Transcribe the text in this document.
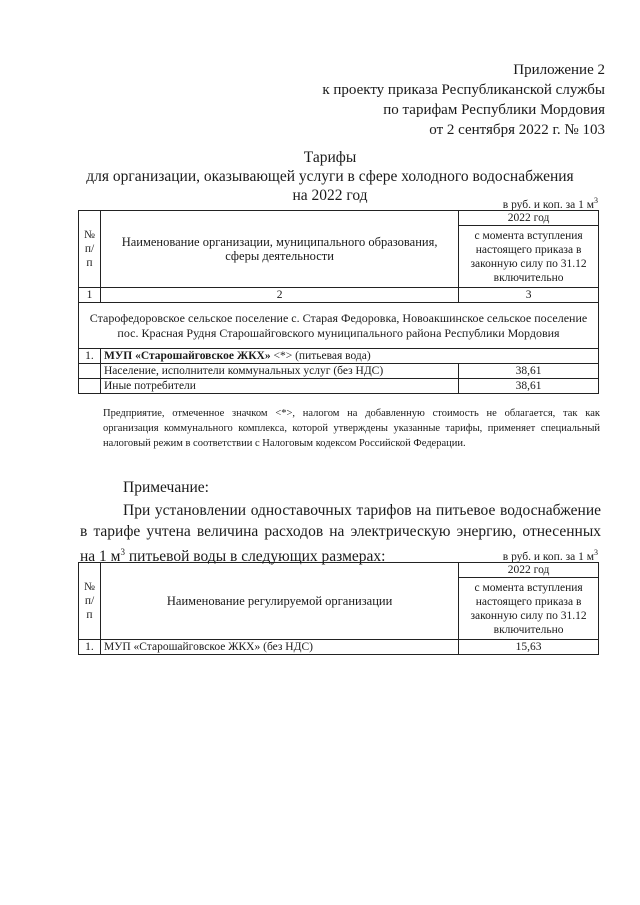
Приложение 2
к проекту приказа Республиканской службы
по тарифам Республики Мордовия
от 2 сентября 2022 г. № 103
Тарифы
для организации, оказывающей услуги в сфере холодного водоснабжения
на 2022 год
в руб. и коп. за 1 $м^3$
№ п/п	Наименование организации, муниципального образования, сферы деятельности	2022 год
		с момента вступления настоящего приказа в законную силу по 31.12 включительно
1	2	3
Старофедоровское сельское поселение с. Старая Федоровка, Новоакшинское сельское поселение пос. Красная Рудня Старошайговского муниципального района Республики Мордовия		
1.	МУП «Старошайговское ЖКХ» <*> (питьевая вода)	
	Население, исполнители коммунальных услуг (без НДС)	38,61
	Иные потребители	38,61

Предприятие, отмеченное значком <*>, налогом на добавленную стоимость не облагается, так как организация коммунального комплекса, которой утверждены указанные тарифы, применяет специальный налоговый режим в соответствии с Налоговым кодексом Российской Федерации.

Примечание:
При установлении одноставочных тарифов на питьевое водоснабжение в тарифе учтена величина расходов на электрическую энергию, отнесенных на 1 $м^3$ питьевой воды в следующих размерах:	в руб. и коп. за 1 $м^3$
№ п/ п	Наименование регулируемой организации	2022 год
		с момента вступления настоящего приказа в законную силу по 31.12 включительно
1.	МУП «Старошайговское ЖКХ» (без НДС)	15,63
